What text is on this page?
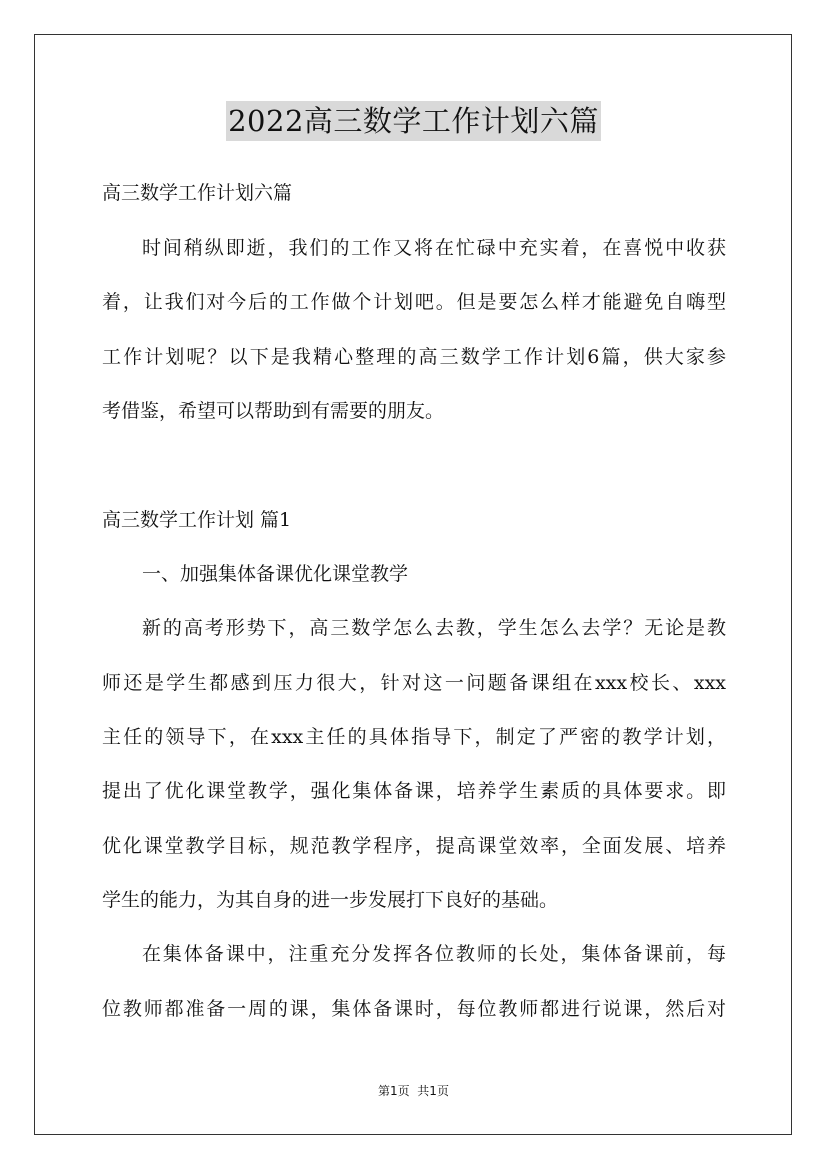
2022高三数学工作计划六篇
高三数学工作计划六篇
时间稍纵即逝，我们的工作又将在忙碌中充实着，在喜悦中收获
着，让我们对今后的工作做个计划吧。但是要怎么样才能避免自嗨型
工作计划呢？以下是我精心整理的高三数学工作计划6篇，供大家参
考借鉴，希望可以帮助到有需要的朋友。
高三数学工作计划 篇1
一、加强集体备课优化课堂教学
新的高考形势下，高三数学怎么去教，学生怎么去学？无论是教
师还是学生都感到压力很大，针对这一问题备课组在xxx校长、xxx
主任的领导下，在xxx主任的具体指导下，制定了严密的教学计划，
提出了优化课堂教学，强化集体备课，培养学生素质的具体要求。即
优化课堂教学目标，规范教学程序，提高课堂效率，全面发展、培养
学生的能力，为其自身的进一步发展打下良好的基础。
在集体备课中，注重充分发挥各位教师的长处，集体备课前，每
位教师都准备一周的课，集体备课时，每位教师都进行说课，然后对
第1页  共1页
